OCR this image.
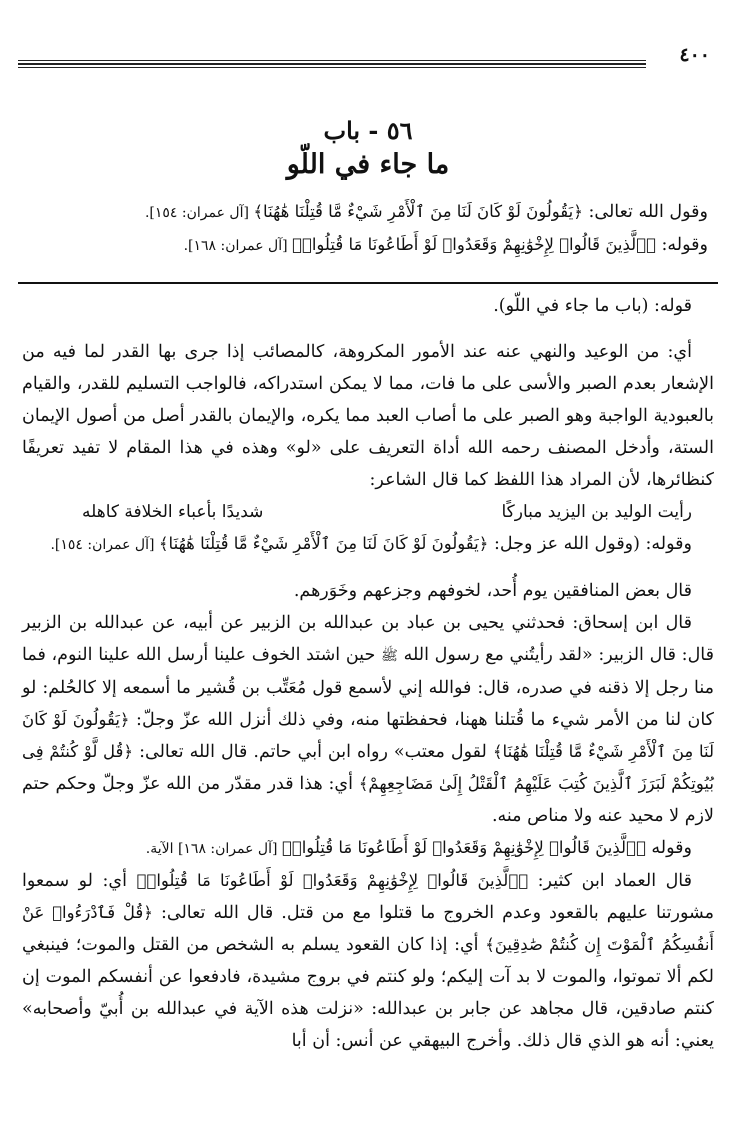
٤٠٠
٥٦ - باب
ما جاء في اللّو

وقول الله تعالى: ﴿يَقُولُونَ لَوْ كَانَ لَنَا مِنَ ٱلْأَمْرِ شَيْءٌ مَّا قُتِلْنَا هَٰهُنَا﴾ [آل عمران: ١٥٤].

وقوله: ﴿ٱلَّذِينَ قَالُوا۟ لِإِخْوَٰنِهِمْ وَقَعَدُوا۟ لَوْ أَطَاعُونَا مَا قُتِلُوا۟﴾ [آل عمران: ١٦٨].

قوله: (باب ما جاء في اللّو).

أي: من الوعيد والنهي عنه عند الأمور المكروهة، كالمصائب إذا جرى بها القدر لما فيه من الإشعار بعدم الصبر والأسى على ما فات، مما لا يمكن استدراكه، فالواجب التسليم للقدر، والقيام بالعبودية الواجبة وهو الصبر على ما أصاب العبد مما يكره، والإيمان بالقدر أصل من أصول الإيمان الستة، وأدخل المصنف رحمه الله أداة التعريف على «لو» وهذه في هذا المقام لا تفيد تعريفًا كنظائرها، لأن المراد هذا اللفظ كما قال الشاعر:

رأيت الوليد بن اليزيد مباركًا
شديدًا بأعباء الخلافة كاهله

وقوله: (وقول الله عز وجل: ﴿يَقُولُونَ لَوْ كَانَ لَنَا مِنَ ٱلْأَمْرِ شَيْءٌ مَّا قُتِلْنَا هَٰهُنَا﴾ [آل عمران: ١٥٤].

قال بعض المنافقين يوم أُحد، لخوفهم وجزعهم وخَوَرهم.

قال ابن إسحاق: فحدثني يحيى بن عباد بن عبدالله بن الزبير عن أبيه، عن عبدالله بن الزبير قال: قال الزبير: «لقد رأيتُني مع رسول الله ﷺ حين اشتد الخوف علينا أرسل الله علينا النوم، فما منا رجل إلا ذقنه في صدره، قال: فوالله إني لأسمع قول مُعَتِّب بن قُشير ما أسمعه إلا كالحُلم: لو كان لنا من الأمر شيء ما قُتلنا ههنا، فحفظتها منه، وفي ذلك أنزل الله عزّ وجلّ: ﴿يَقُولُونَ لَوْ كَانَ لَنَا مِنَ ٱلْأَمْرِ شَيْءٌ مَّا قُتِلْنَا هَٰهُنَا﴾ لقول معتب» رواه ابن أبي حاتم. قال الله تعالى: ﴿قُل لَّوْ كُنتُمْ فِى بُيُوتِكُمْ لَبَرَزَ ٱلَّذِينَ كُتِبَ عَلَيْهِمُ ٱلْقَتْلُ إِلَىٰ مَضَاجِعِهِمْ﴾ أي: هذا قدر مقدّر من الله عزّ وجلّ وحكم حتم لازم لا محيد عنه ولا مناص منه.

وقوله ﴿ٱلَّذِينَ قَالُوا۟ لِإِخْوَٰنِهِمْ وَقَعَدُوا۟ لَوْ أَطَاعُونَا مَا قُتِلُوا۟﴾ [آل عمران: ١٦٨] الآية.

قال العماد ابن كثير: ﴿ٱلَّذِينَ قَالُوا۟ لِإِخْوَٰنِهِمْ وَقَعَدُوا۟ لَوْ أَطَاعُونَا مَا قُتِلُوا۟﴾ أي: لو سمعوا مشورتنا عليهم بالقعود وعدم الخروج ما قتلوا مع من قتل. قال الله تعالى: ﴿قُلْ فَٱدْرَءُوا۟ عَنْ أَنفُسِكُمُ ٱلْمَوْتَ إِن كُنتُمْ صَٰدِقِينَ﴾ أي: إذا كان القعود يسلم به الشخص من القتل والموت؛ فينبغي لكم ألا تموتوا، والموت لا بد آت إليكم؛ ولو كنتم في بروج مشيدة، فادفعوا عن أنفسكم الموت إن كنتم صادقين، قال مجاهد عن جابر بن عبدالله: «نزلت هذه الآية في عبدالله بن أُبيّ وأصحابه» يعني: أنه هو الذي قال ذلك. وأخرج البيهقي عن أنس: أن أبا
